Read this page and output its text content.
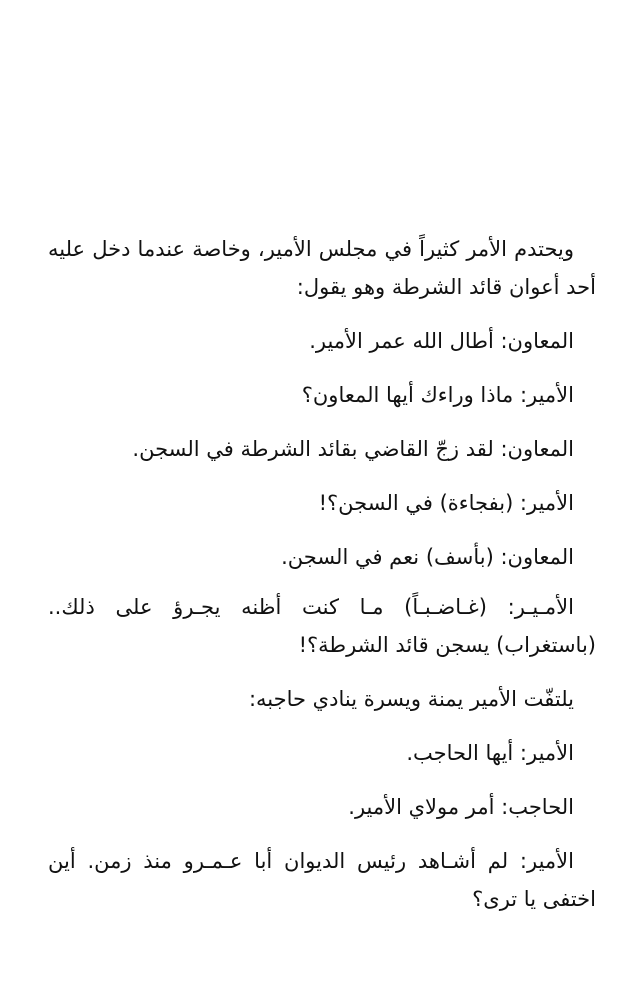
ويحتدم الأمر كثيراً في مجلس الأمير، وخاصة عندما دخل عليه أحد أعوان قائد الشرطة وهو يقول:

المعاون: أطال الله عمر الأمير.

الأمير: ماذا وراءك أيها المعاون؟

المعاون: لقد زجّ القاضي بقائد الشرطة في السجن.

الأمير: (بفجاءة) في السجن؟!

المعاون: (بأسف) نعم في السجن.

الأمـيـر: (غـاضـبـاً) مـا كنت أظنه يجـرؤ على ذلك.. (باستغراب) يسجن قائد الشرطة؟!

يلتفّت الأمير يمنة ويسرة ينادي حاجبه:

الأمير: أيها الحاجب.

الحاجب: أمر مولاي الأمير.

الأمير: لم أشـاهد رئيس الديوان أبا عـمـرو منذ زمن. أين اختفى يا ترى؟
